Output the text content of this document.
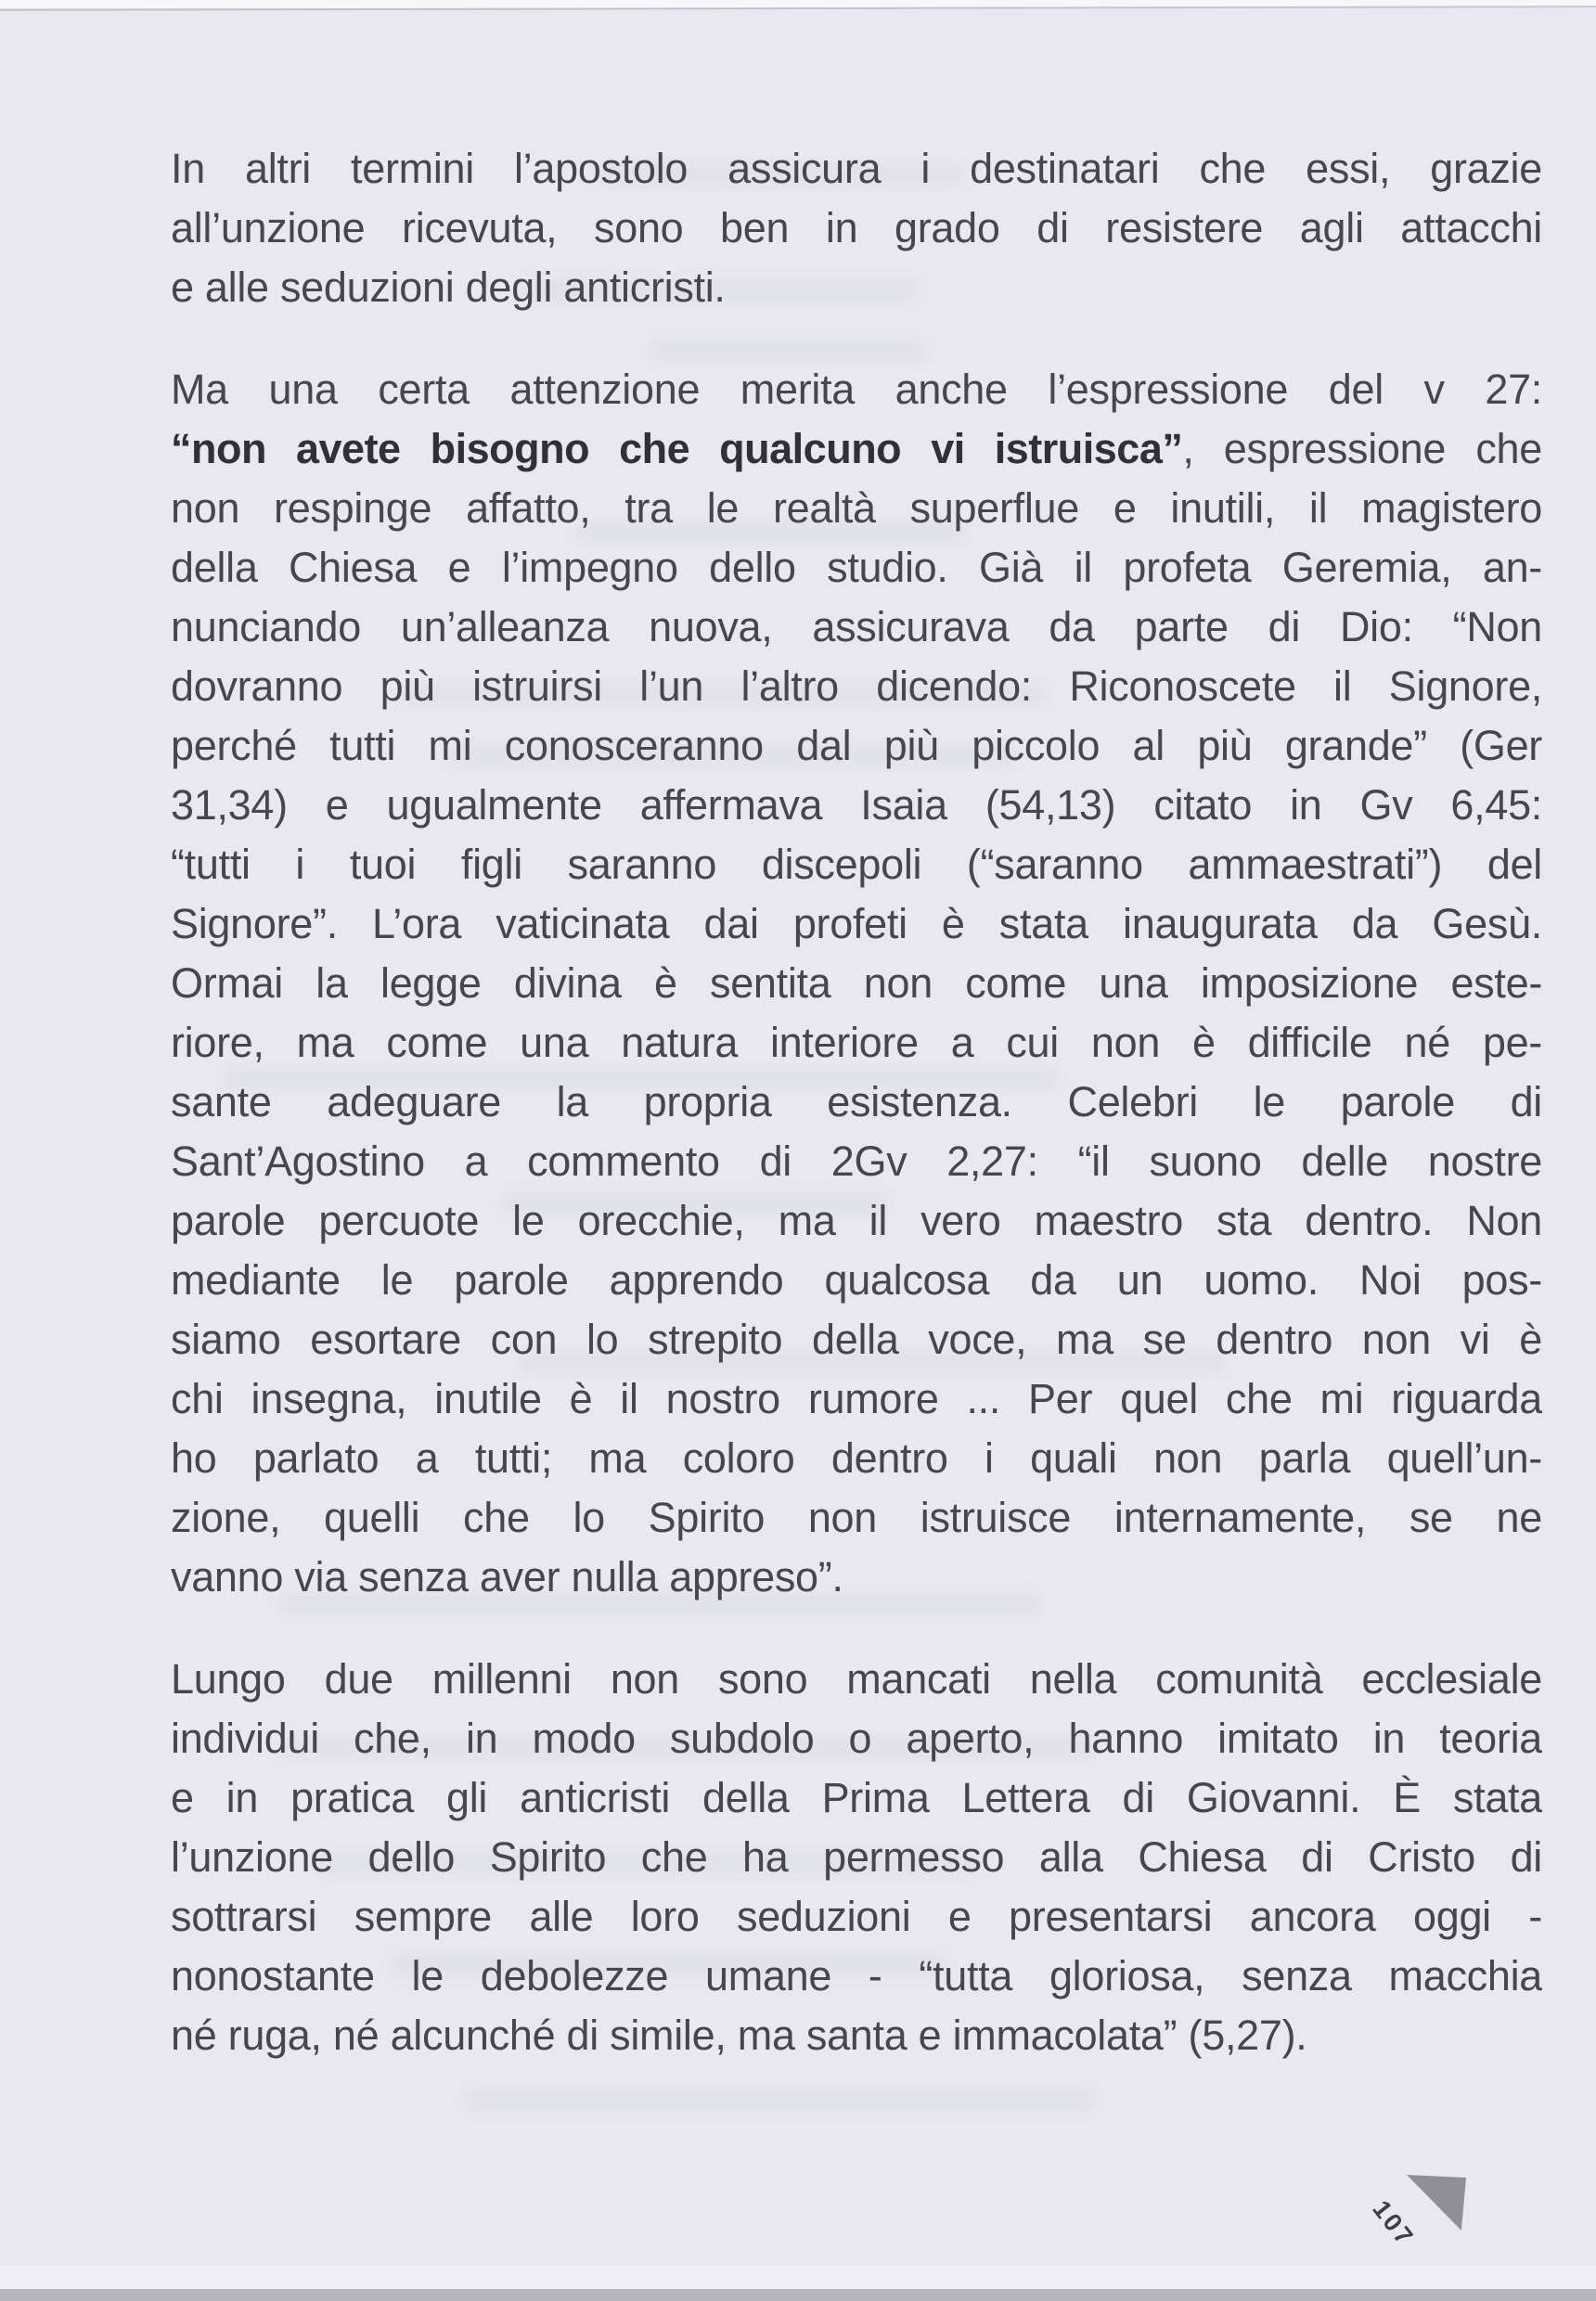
In altri termini l’apostolo assicura i destinatari che essi, grazie
all’unzione ricevuta, sono ben in grado di resistere agli attacchi
e alle seduzioni degli anticristi.
Ma una certa attenzione merita anche l’espressione del v 27:
“non avete bisogno che qualcuno vi istruisca”, espressione che
non respinge affatto, tra le realtà superflue e inutili, il magistero
della Chiesa e l’impegno dello studio. Già il profeta Geremia, an-
nunciando un’alleanza nuova, assicurava da parte di Dio: “Non
dovranno più istruirsi l’un l’altro dicendo: Riconoscete il Signore,
perché tutti mi conosceranno dal più piccolo al più grande” (Ger
31,34) e ugualmente affermava Isaia (54,13) citato in Gv 6,45:
“tutti i tuoi figli saranno discepoli (“saranno ammaestrati”) del
Signore”. L’ora vaticinata dai profeti è stata inaugurata da Gesù.
Ormai la legge divina è sentita non come una imposizione este-
riore, ma come una natura interiore a cui non è difficile né pe-
sante adeguare la propria esistenza. Celebri le parole di
Sant’Agostino a commento di 2Gv 2,27: “il suono delle nostre
parole percuote le orecchie, ma il vero maestro sta dentro. Non
mediante le parole apprendo qualcosa da un uomo. Noi pos-
siamo esortare con lo strepito della voce, ma se dentro non vi è
chi insegna, inutile è il nostro rumore ... Per quel che mi riguarda
ho parlato a tutti; ma coloro dentro i quali non parla quell’un-
zione, quelli che lo Spirito non istruisce internamente, se ne
vanno via senza aver nulla appreso”.
Lungo due millenni non sono mancati nella comunità ecclesiale
individui che, in modo subdolo o aperto, hanno imitato in teoria
e in pratica gli anticristi della Prima Lettera di Giovanni. È stata
l’unzione dello Spirito che ha permesso alla Chiesa di Cristo di
sottrarsi sempre alle loro seduzioni e presentarsi ancora oggi -
nonostante le debolezze umane - “tutta gloriosa, senza macchia
né ruga, né alcunché di simile, ma santa e immacolata” (5,27).
107
